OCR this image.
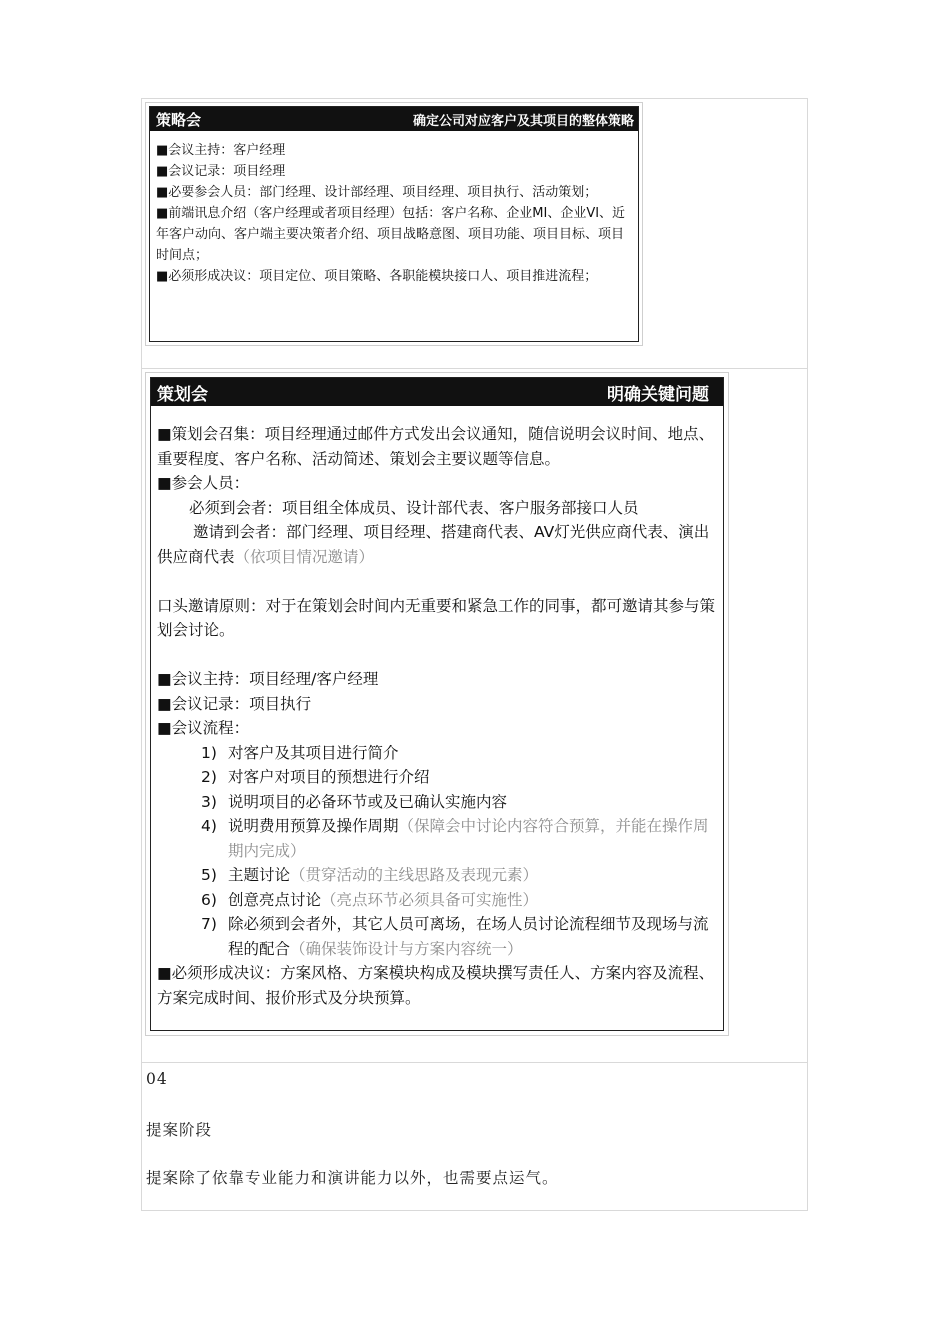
策略会	确定公司对应客户及其项目的整体策略

■会议主持：客户经理

■会议记录：项目经理

■必要参会人员：部门经理、设计部经理、项目经理、项目执行、活动策划；

■前端讯息介绍（客户经理或者项目经理）包括：客户名称、企业MI、企业VI、近年客户动向、客户端主要决策者介绍、项目战略意图、项目功能、项目目标、项目时间点；

■必须形成决议：项目定位、项目策略、各职能模块接口人、项目推进流程；

策划会	明确关键问题

■策划会召集：项目经理通过邮件方式发出会议通知，随信说明会议时间、地点、重要程度、客户名称、活动简述、策划会主要议题等信息。

■参会人员：

必须到会者：项目组全体成员、设计部代表、客户服务部接口人员

邀请到会者：部门经理、项目经理、搭建商代表、AV灯光供应商代表、演出供应商代表（依项目情况邀请）

口头邀请原则：对于在策划会时间内无重要和紧急工作的同事，都可邀请其参与策划会讨论。

■会议主持：项目经理/客户经理

■会议记录：项目执行

■会议流程：

1) 对客户及其项目进行简介
2) 对客户对项目的预想进行介绍
3) 说明项目的必备环节或及已确认实施内容
4) 说明费用预算及操作周期（保障会中讨论内容符合预算，并能在操作周期内完成）
5) 主题讨论（贯穿活动的主线思路及表现元素）
6) 创意亮点讨论（亮点环节必须具备可实施性）
7) 除必须到会者外，其它人员可离场，在场人员讨论流程细节及现场与流程的配合（确保装饰设计与方案内容统一）

■必须形成决议：方案风格、方案模块构成及模块撰写责任人、方案内容及流程、方案完成时间、报价形式及分块预算。

04
提案阶段
提案除了依靠专业能力和演讲能力以外，也需要点运气。
